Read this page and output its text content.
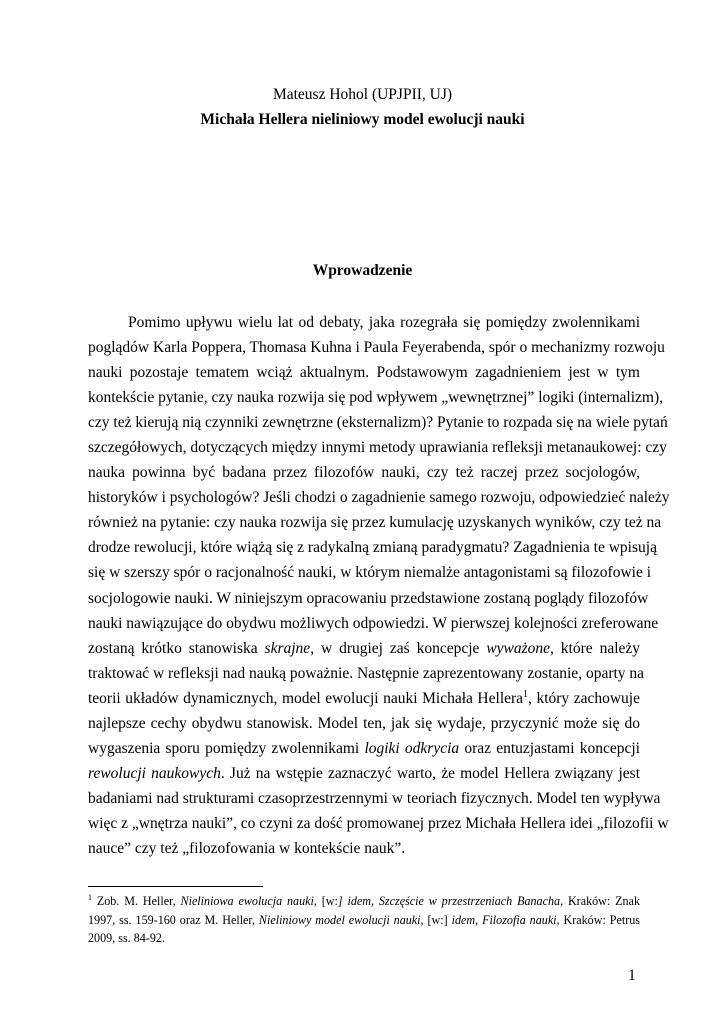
Mateusz Hohol (UPJPII, UJ)
Michała Hellera nieliniowy model ewolucji nauki
Wprowadzenie
Pomimo upływu wielu lat od debaty, jaka rozegrała się pomiędzy zwolennikami
poglądów Karla Poppera, Thomasa Kuhna i Paula Feyerabenda, spór o mechanizmy rozwoju
nauki pozostaje tematem wciąż aktualnym. Podstawowym zagadnieniem jest w tym
kontekście pytanie, czy nauka rozwija się pod wpływem „wewnętrznej” logiki (internalizm),
czy też kierują nią czynniki zewnętrzne (eksternalizm)? Pytanie to rozpada się na wiele pytań
szczegółowych, dotyczących między innymi metody uprawiania refleksji metanaukowej: czy
nauka powinna być badana przez filozofów nauki, czy też raczej przez socjologów,
historyków i psychologów? Jeśli chodzi o zagadnienie samego rozwoju, odpowiedzieć należy
również na pytanie: czy nauka rozwija się przez kumulację uzyskanych wyników, czy też na
drodze rewolucji, które wiążą się z radykalną zmianą paradygmatu? Zagadnienia te wpisują
się w szerszy spór o racjonalność nauki, w którym niemalże antagonistami są filozofowie i
socjologowie nauki. W niniejszym opracowaniu przedstawione zostaną poglądy filozofów
nauki nawiązujące do obydwu możliwych odpowiedzi. W pierwszej kolejności zreferowane
zostaną krótko stanowiska skrajne, w drugiej zaś koncepcje wyważone, które należy
traktować w refleksji nad nauką poważnie. Następnie zaprezentowany zostanie, oparty na
teorii układów dynamicznych, model ewolucji nauki Michała Hellera$^1$, który zachowuje
najlepsze cechy obydwu stanowisk. Model ten, jak się wydaje, przyczynić może się do
wygaszenia sporu pomiędzy zwolennikami logiki odkrycia oraz entuzjastami koncepcji
rewolucji naukowych. Już na wstępie zaznaczyć warto, że model Hellera związany jest
badaniami nad strukturami czasoprzestrzennymi w teoriach fizycznych. Model ten wypływa
więc z „wnętrza nauki”, co czyni za dość promowanej przez Michała Hellera idei „filozofii w
nauce” czy też „filozofowania w kontekście nauk”.
$^1$ Zob. M. Heller, Nieliniowa ewolucja nauki, [w:] idem, Szczęście w przestrzeniach Banacha, Kraków: Znak
1997, ss. 159-160 oraz M. Heller, Nieliniowy model ewolucji nauki, [w:] idem, Filozofia nauki, Kraków: Petrus
2009, ss. 84-92.
1
